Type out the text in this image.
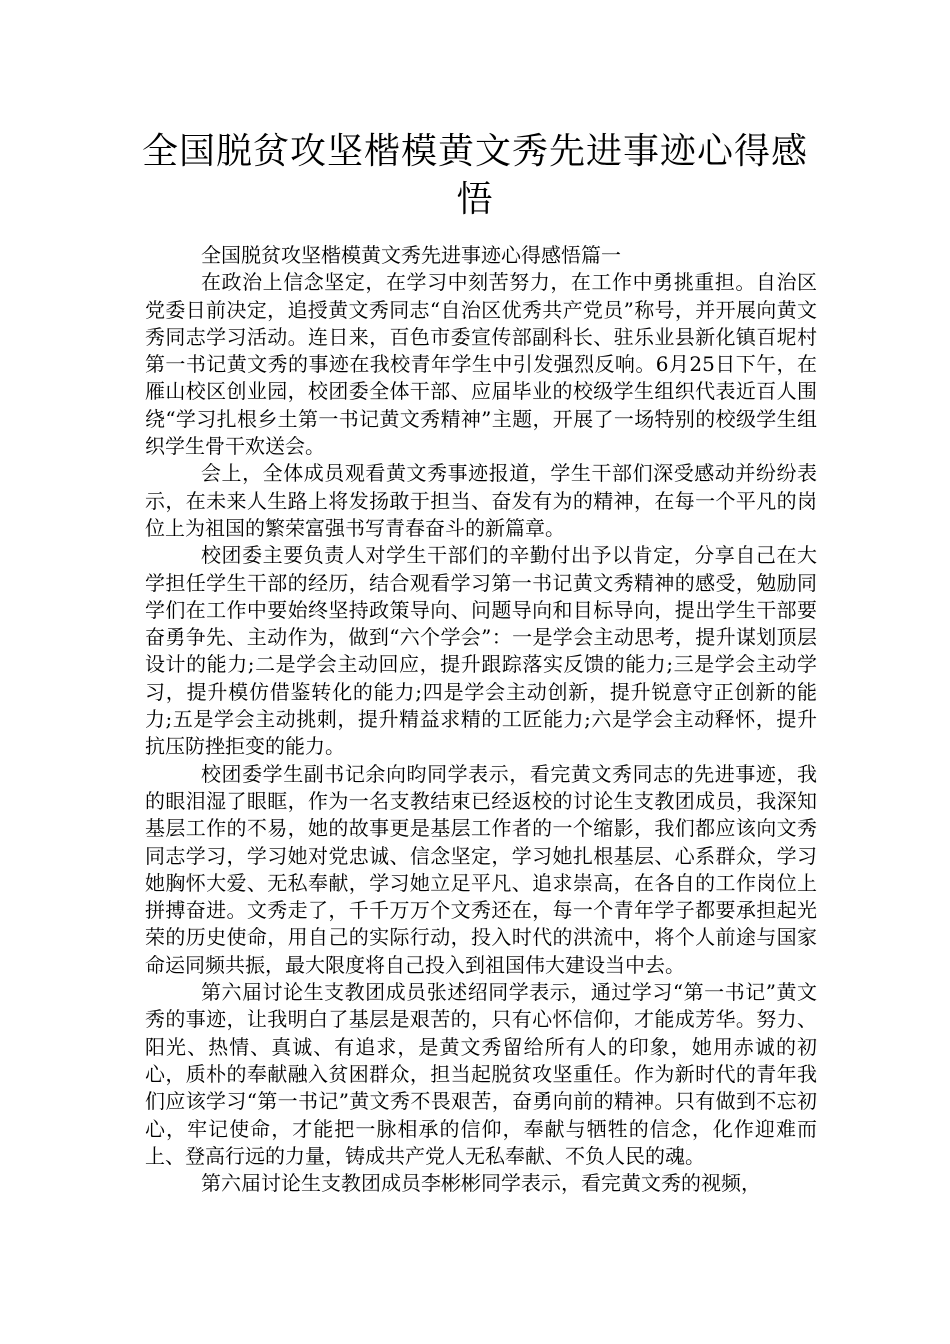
全国脱贫攻坚楷模黄文秀先进事迹心得感悟

全国脱贫攻坚楷模黄文秀先进事迹心得感悟篇一

在政治上信念坚定，在学习中刻苦努力，在工作中勇挑重担。自治区党委日前决定，追授黄文秀同志“自治区优秀共产党员”称号，并开展向黄文秀同志学习活动。连日来，百色市委宣传部副科长、驻乐业县新化镇百坭村第一书记黄文秀的事迹在我校青年学生中引发强烈反响。6月25日下午，在雁山校区创业园，校团委全体干部、应届毕业的校级学生组织代表近百人围绕“学习扎根乡土第一书记黄文秀精神”主题，开展了一场特别的校级学生组织学生骨干欢送会。

会上，全体成员观看黄文秀事迹报道，学生干部们深受感动并纷纷表示，在未来人生路上将发扬敢于担当、奋发有为的精神，在每一个平凡的岗位上为祖国的繁荣富强书写青春奋斗的新篇章。

校团委主要负责人对学生干部们的辛勤付出予以肯定，分享自己在大学担任学生干部的经历，结合观看学习第一书记黄文秀精神的感受，勉励同学们在工作中要始终坚持政策导向、问题导向和目标导向，提出学生干部要奋勇争先、主动作为，做到“六个学会”：一是学会主动思考，提升谋划顶层设计的能力;二是学会主动回应，提升跟踪落实反馈的能力;三是学会主动学习，提升模仿借鉴转化的能力;四是学会主动创新，提升锐意守正创新的能力;五是学会主动挑刺，提升精益求精的工匠能力;六是学会主动释怀，提升抗压防挫拒变的能力。

校团委学生副书记余向昀同学表示，看完黄文秀同志的先进事迹，我的眼泪湿了眼眶，作为一名支教结束已经返校的讨论生支教团成员，我深知基层工作的不易，她的故事更是基层工作者的一个缩影，我们都应该向文秀同志学习，学习她对党忠诚、信念坚定，学习她扎根基层、心系群众，学习她胸怀大爱、无私奉献，学习她立足平凡、追求崇高，在各自的工作岗位上拼搏奋进。文秀走了，千千万万个文秀还在，每一个青年学子都要承担起光荣的历史使命，用自己的实际行动，投入时代的洪流中，将个人前途与国家命运同频共振，最大限度将自己投入到祖国伟大建设当中去。

第六届讨论生支教团成员张述绍同学表示，通过学习“第一书记”黄文秀的事迹，让我明白了基层是艰苦的，只有心怀信仰，才能成芳华。努力、阳光、热情、真诚、有追求，是黄文秀留给所有人的印象，她用赤诚的初心，质朴的奉献融入贫困群众，担当起脱贫攻坚重任。作为新时代的青年我们应该学习“第一书记”黄文秀不畏艰苦，奋勇向前的精神。只有做到不忘初心，牢记使命，才能把一脉相承的信仰，奉献与牺牲的信念，化作迎难而上、登高行远的力量，铸成共产党人无私奉献、不负人民的魂。

第六届讨论生支教团成员李彬彬同学表示，看完黄文秀的视频，
